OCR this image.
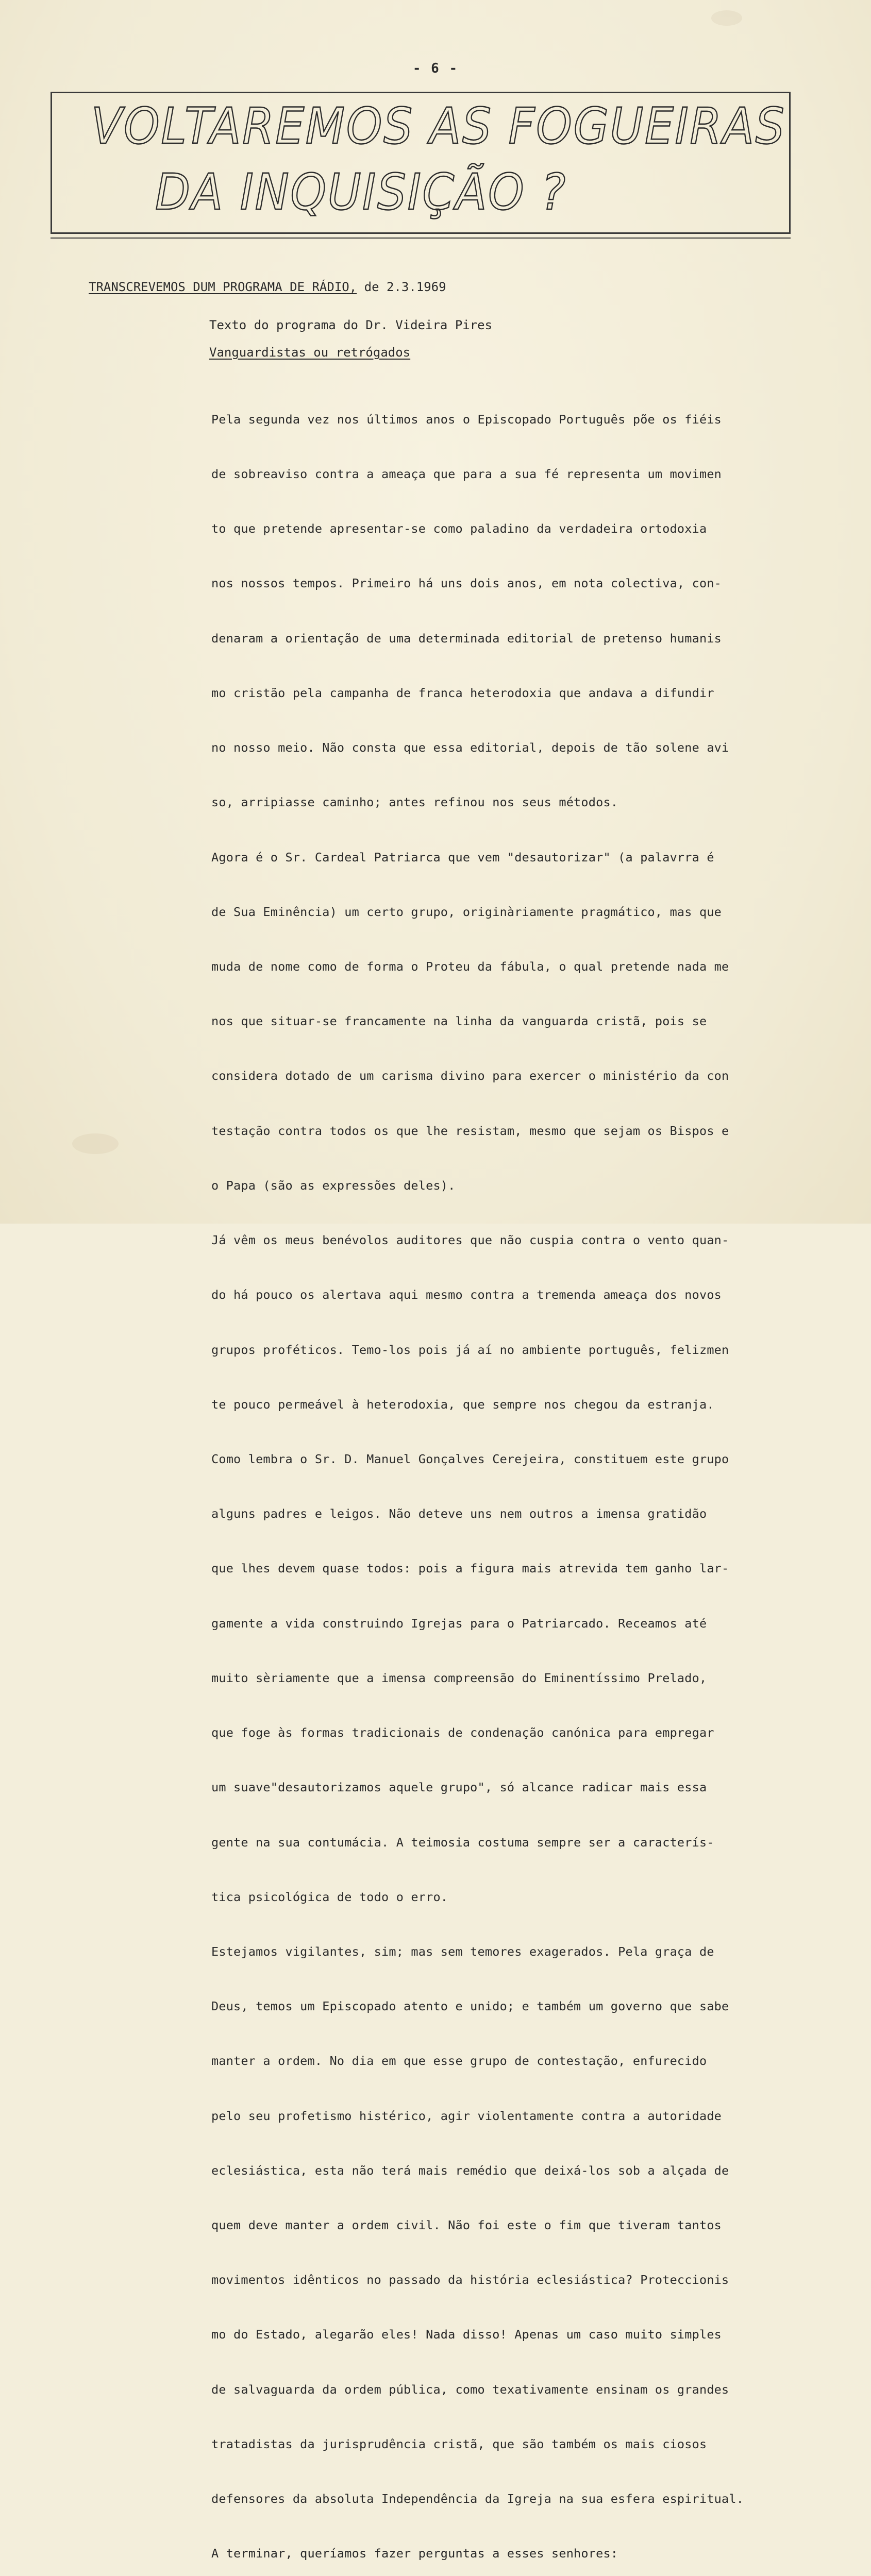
- 6 -
VOLTAREMOS AS FOGUEIRAS
DA INQUISIÇÃO ?
TRANSCREVEMOS DUM PROGRAMA DE RÁDIO, de 2.3.1969
Texto do programa do Dr. Videira Pires
Vanguardistas ou retrógados

Pela segunda vez nos últimos anos o Episcopado Português põe os fiéis

de sobreaviso contra a ameaça que para a sua fé representa um movimen

to que pretende apresentar-se como paladino da verdadeira ortodoxia

nos nossos tempos. Primeiro há uns dois anos, em nota colectiva, con-

denaram a orientação de uma determinada editorial de pretenso humanis

mo cristão pela campanha de franca heterodoxia que andava a difundir

no nosso meio. Não consta que essa editorial, depois de tão solene avi

so, arripiasse caminho; antes refinou nos seus métodos.

Agora é o Sr. Cardeal Patriarca que vem "desautorizar" (a palavrra é

de Sua Eminência) um certo grupo, originàriamente pragmático, mas que

muda de nome como de forma o Proteu da fábula, o qual pretende nada me

nos que situar-se francamente na linha da vanguarda cristã, pois se

considera dotado de um carisma divino para exercer o ministério da con

testação contra todos os que lhe resistam, mesmo que sejam os Bispos e

o Papa (são as expressões deles).

Já vêm os meus benévolos auditores que não cuspia contra o vento quan-

do há pouco os alertava aqui mesmo contra a tremenda ameaça dos novos

grupos proféticos. Temo-los pois já aí no ambiente português, felizmen

te pouco permeável à heterodoxia, que sempre nos chegou da estranja.

Como lembra o Sr. D. Manuel Gonçalves Cerejeira, constituem este grupo

alguns padres e leigos. Não deteve uns nem outros a imensa gratidão

que lhes devem quase todos: pois a figura mais atrevida tem ganho lar-

gamente a vida construindo Igrejas para o Patriarcado. Receamos até

muito sèriamente que a imensa compreensão do Eminentíssimo Prelado,

que foge às formas tradicionais de condenação canónica para empregar

um suave"desautorizamos aquele grupo", só alcance radicar mais essa

gente na sua contumácia. A teimosia costuma sempre ser a caracterís-

tica psicológica de todo o erro.

Estejamos vigilantes, sim; mas sem temores exagerados. Pela graça de

Deus, temos um Episcopado atento e unido; e também um governo que sabe

manter a ordem. No dia em que esse grupo de contestação, enfurecido

pelo seu profetismo histérico, agir violentamente contra a autoridade

eclesiástica, esta não terá mais remédio que deixá-los sob a alçada de

quem deve manter a ordem civil. Não foi este o fim que tiveram tantos

movimentos idênticos no passado da história eclesiástica? Proteccionis

mo do Estado, alegarão eles! Nada disso! Apenas um caso muito simples

de salvaguarda da ordem pública, como texativamente ensinam os grandes

tratadistas da jurisprudência cristã, que são também os mais ciosos

defensores da absoluta Independência da Igreja na sua esfera espiritual.

A terminar, queríamos fazer perguntas a esses senhores:
